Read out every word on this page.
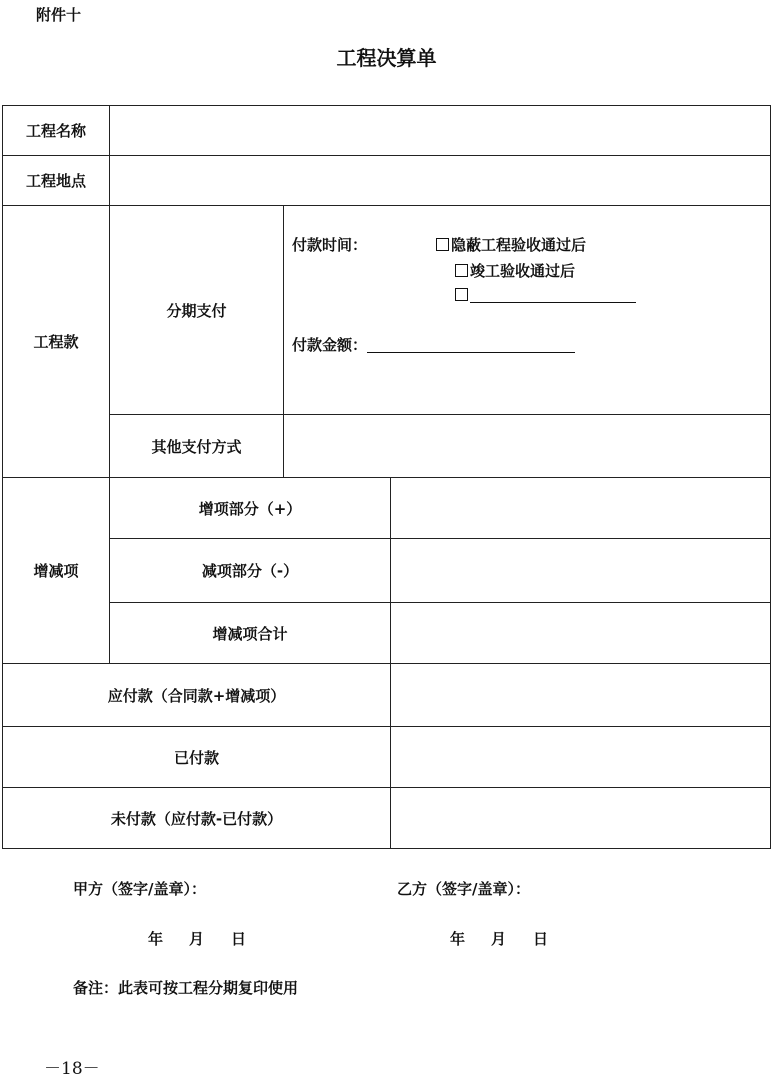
附件十
工程决算单
工程名称			
工程地点			
工程款	分期支付	付款时间： 隐蔽工程验收通过后
竣工验收通过后
付款金额：	

	其他支付方式		
增减项	增项部分（+）		
	减项部分（-）		
	增减项合计		
应付款（合同款+增减项）			
已付款			
未付款（应付款-已付款）			
甲方（签字/盖章）：	乙方（签字/盖章）：
年 月 日	年 月 日
备注：此表可按工程分期复印使用
－18－
